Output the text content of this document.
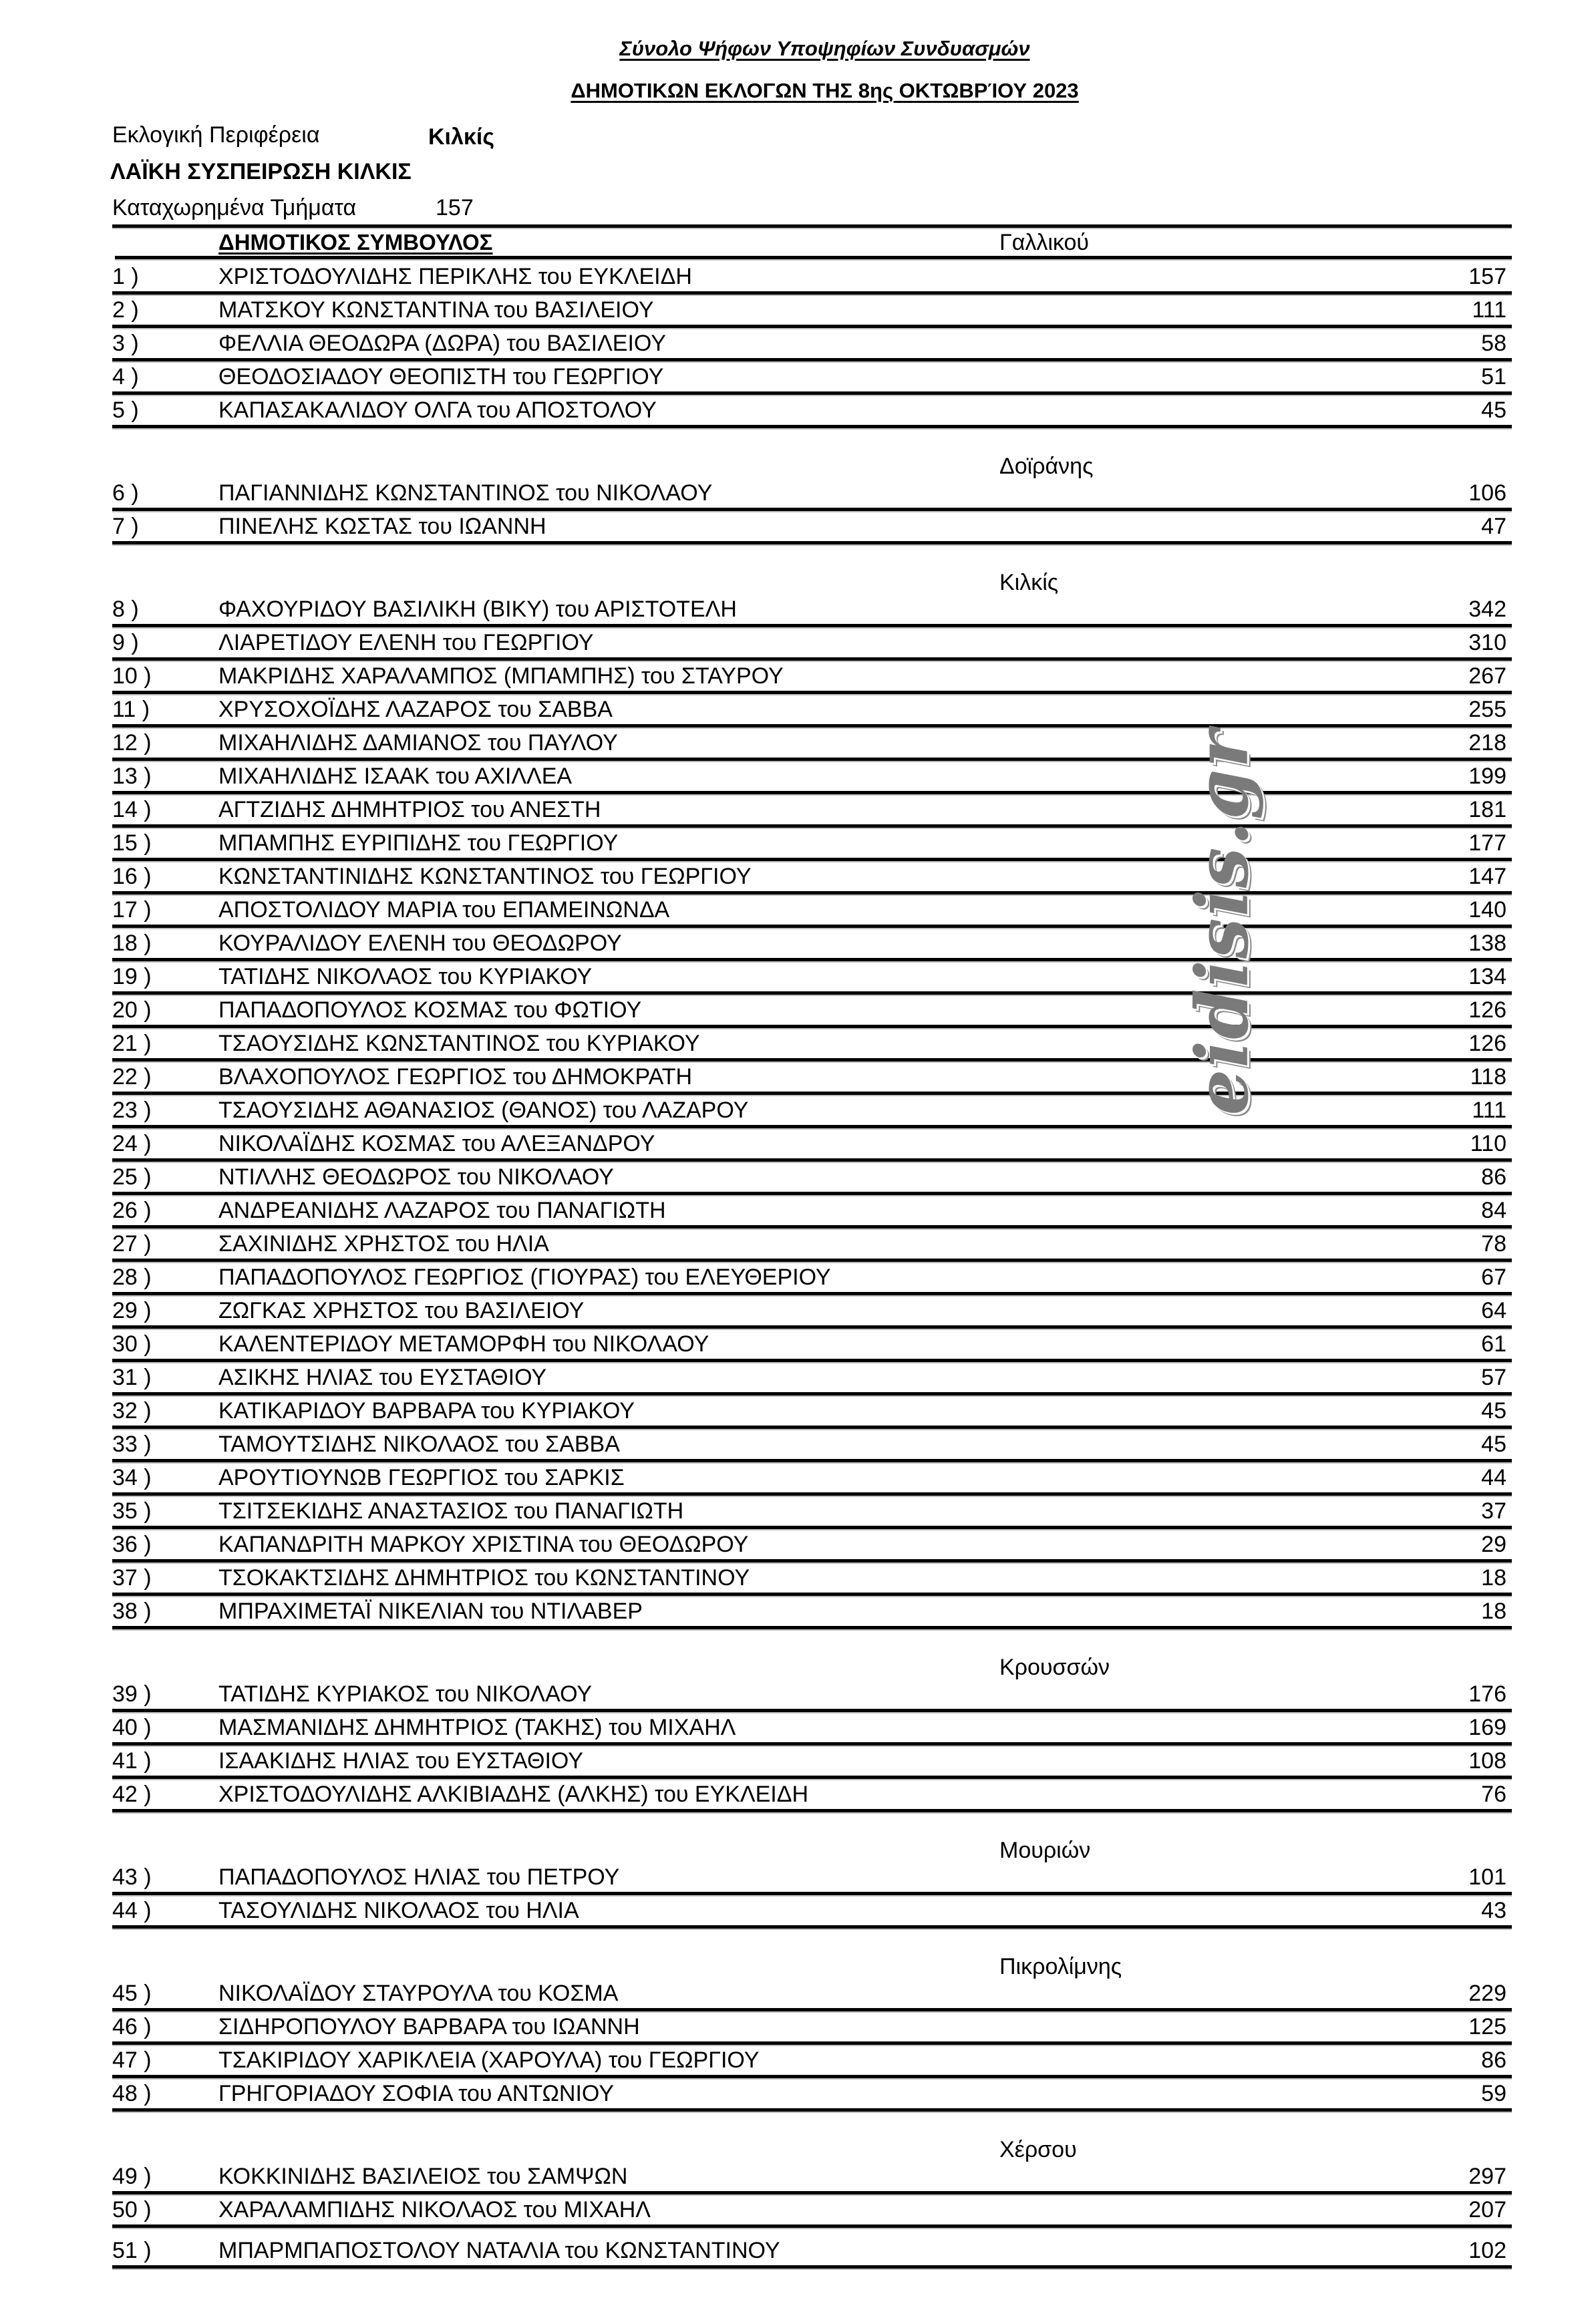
Σύνολο Ψήφων Υποψηφίων Συνδυασμών
ΔΗΜΟΤΙΚΩΝ ΕΚΛΟΓΩΝ ΤΗΣ 8ης ΟΚΤΩΒΡΊΟΥ 2023
Εκλογική Περιφέρεια	Κιλκίς
ΛΑΪΚΗ ΣΥΣΠΕΙΡΩΣΗ ΚΙΛΚΙΣ
Καταχωρημένα Τμήματα	157
ΔΗΜΟΤΙΚΟΣ ΣΥΜΒΟΥΛΟΣ	Γαλλικού
1 )	ΧΡΙΣΤΟΔΟΥΛΙΔΗΣ ΠΕΡΙΚΛΗΣ του ΕΥΚΛΕΙΔΗ	157
2 )	ΜΑΤΣΚΟΥ ΚΩΝΣΤΑΝΤΙΝΑ του ΒΑΣΙΛΕΙΟΥ	111
3 )	ΦΕΛΛΙΑ ΘΕΟΔΩΡΑ (ΔΩΡΑ) του ΒΑΣΙΛΕΙΟΥ	58
4 )	ΘΕΟΔΟΣΙΑΔΟΥ ΘΕΟΠΙΣΤΗ του ΓΕΩΡΓΙΟΥ	51
5 )	ΚΑΠΑΣΑΚΑΛΙΔΟΥ ΟΛΓΑ του ΑΠΟΣΤΟΛΟΥ	45
Δοϊράνης
6 )	ΠΑΓΙΑΝΝΙΔΗΣ ΚΩΝΣΤΑΝΤΙΝΟΣ του ΝΙΚΟΛΑΟΥ	106
7 )	ΠΙΝΕΛΗΣ ΚΩΣΤΑΣ του ΙΩΑΝΝΗ	47
Κιλκίς
8 )	ΦΑΧΟΥΡΙΔΟΥ ΒΑΣΙΛΙΚΗ (ΒΙΚΥ) του ΑΡΙΣΤΟΤΕΛΗ	342
9 )	ΛΙΑΡΕΤΙΔΟΥ ΕΛΕΝΗ του ΓΕΩΡΓΙΟΥ	310
10 )	ΜΑΚΡΙΔΗΣ ΧΑΡΑΛΑΜΠΟΣ (ΜΠΑΜΠΗΣ) του ΣΤΑΥΡΟΥ	267
11 )	ΧΡΥΣΟΧΟΪΔΗΣ ΛΑΖΑΡΟΣ του ΣΑΒΒΑ	255
12 )	ΜΙΧΑΗΛΙΔΗΣ ΔΑΜΙΑΝΟΣ του ΠΑΥΛΟΥ	218
13 )	ΜΙΧΑΗΛΙΔΗΣ ΙΣΑΑΚ του ΑΧΙΛΛΕΑ	199
14 )	ΑΓΤΖΙΔΗΣ ΔΗΜΗΤΡΙΟΣ του ΑΝΕΣΤΗ	181
15 )	ΜΠΑΜΠΗΣ ΕΥΡΙΠΙΔΗΣ του ΓΕΩΡΓΙΟΥ	177
16 )	ΚΩΝΣΤΑΝΤΙΝΙΔΗΣ ΚΩΝΣΤΑΝΤΙΝΟΣ του ΓΕΩΡΓΙΟΥ	147
17 )	ΑΠΟΣΤΟΛΙΔΟΥ ΜΑΡΙΑ του ΕΠΑΜΕΙΝΩΝΔΑ	140
18 )	ΚΟΥΡΑΛΙΔΟΥ ΕΛΕΝΗ του ΘΕΟΔΩΡΟΥ	138
19 )	ΤΑΤΙΔΗΣ ΝΙΚΟΛΑΟΣ του ΚΥΡΙΑΚΟΥ	134
20 )	ΠΑΠΑΔΟΠΟΥΛΟΣ ΚΟΣΜΑΣ του ΦΩΤΙΟΥ	126
21 )	ΤΣΑΟΥΣΙΔΗΣ ΚΩΝΣΤΑΝΤΙΝΟΣ του ΚΥΡΙΑΚΟΥ	126
22 )	ΒΛΑΧΟΠΟΥΛΟΣ ΓΕΩΡΓΙΟΣ του ΔΗΜΟΚΡΑΤΗ	118
23 )	ΤΣΑΟΥΣΙΔΗΣ ΑΘΑΝΑΣΙΟΣ (ΘΑΝΟΣ) του ΛΑΖΑΡΟΥ	111
24 )	ΝΙΚΟΛΑΪΔΗΣ ΚΟΣΜΑΣ του ΑΛΕΞΑΝΔΡΟΥ	110
25 )	ΝΤΙΛΛΗΣ ΘΕΟΔΩΡΟΣ του ΝΙΚΟΛΑΟΥ	86
26 )	ΑΝΔΡΕΑΝΙΔΗΣ ΛΑΖΑΡΟΣ του ΠΑΝΑΓΙΩΤΗ	84
27 )	ΣΑΧΙΝΙΔΗΣ ΧΡΗΣΤΟΣ του ΗΛΙΑ	78
28 )	ΠΑΠΑΔΟΠΟΥΛΟΣ ΓΕΩΡΓΙΟΣ (ΓΙΟΥΡΑΣ) του ΕΛΕΥΘΕΡΙΟΥ	67
29 )	ΖΩΓΚΑΣ ΧΡΗΣΤΟΣ του ΒΑΣΙΛΕΙΟΥ	64
30 )	ΚΑΛΕΝΤΕΡΙΔΟΥ ΜΕΤΑΜΟΡΦΗ του ΝΙΚΟΛΑΟΥ	61
31 )	ΑΣΙΚΗΣ ΗΛΙΑΣ του ΕΥΣΤΑΘΙΟΥ	57
32 )	ΚΑΤΙΚΑΡΙΔΟΥ ΒΑΡΒΑΡΑ του ΚΥΡΙΑΚΟΥ	45
33 )	ΤΑΜΟΥΤΣΙΔΗΣ ΝΙΚΟΛΑΟΣ του ΣΑΒΒΑ	45
34 )	ΑΡΟΥΤΙΟΥΝΩΒ ΓΕΩΡΓΙΟΣ του ΣΑΡΚΙΣ	44
35 )	ΤΣΙΤΣΕΚΙΔΗΣ ΑΝΑΣΤΑΣΙΟΣ του ΠΑΝΑΓΙΩΤΗ	37
36 )	ΚΑΠΑΝΔΡΙΤΗ ΜΑΡΚΟΥ ΧΡΙΣΤΙΝΑ του ΘΕΟΔΩΡΟΥ	29
37 )	ΤΣΟΚΑΚΤΣΙΔΗΣ ΔΗΜΗΤΡΙΟΣ του ΚΩΝΣΤΑΝΤΙΝΟΥ	18
38 )	ΜΠΡΑΧΙΜΕΤΑΪ ΝΙΚΕΛΙΑΝ του ΝΤΙΛΑΒΕΡ	18
Κρουσσών
39 )	ΤΑΤΙΔΗΣ ΚΥΡΙΑΚΟΣ του ΝΙΚΟΛΑΟΥ	176
40 )	ΜΑΣΜΑΝΙΔΗΣ ΔΗΜΗΤΡΙΟΣ (ΤΑΚΗΣ) του ΜΙΧΑΗΛ	169
41 )	ΙΣΑΑΚΙΔΗΣ ΗΛΙΑΣ του ΕΥΣΤΑΘΙΟΥ	108
42 )	ΧΡΙΣΤΟΔΟΥΛΙΔΗΣ ΑΛΚΙΒΙΑΔΗΣ (ΑΛΚΗΣ) του ΕΥΚΛΕΙΔΗ	76
Μουριών
43 )	ΠΑΠΑΔΟΠΟΥΛΟΣ ΗΛΙΑΣ του ΠΕΤΡΟΥ	101
44 )	ΤΑΣΟΥΛΙΔΗΣ ΝΙΚΟΛΑΟΣ του ΗΛΙΑ	43
Πικρολίμνης
45 )	ΝΙΚΟΛΑΪΔΟΥ ΣΤΑΥΡΟΥΛΑ του ΚΟΣΜΑ	229
46 )	ΣΙΔΗΡΟΠΟΥΛΟΥ ΒΑΡΒΑΡΑ του ΙΩΑΝΝΗ	125
47 )	ΤΣΑΚΙΡΙΔΟΥ ΧΑΡΙΚΛΕΙΑ (ΧΑΡΟΥΛΑ) του ΓΕΩΡΓΙΟΥ	86
48 )	ΓΡΗΓΟΡΙΑΔΟΥ ΣΟΦΙΑ του ΑΝΤΩΝΙΟΥ	59
Χέρσου
49 )	ΚΟΚΚΙΝΙΔΗΣ ΒΑΣΙΛΕΙΟΣ του ΣΑΜΨΩΝ	297
50 )	ΧΑΡΑΛΑΜΠΙΔΗΣ ΝΙΚΟΛΑΟΣ του ΜΙΧΑΗΛ	207
51 )	ΜΠΑΡΜΠΑΠΟΣΤΟΛΟΥ ΝΑΤΑΛΙΑ του ΚΩΝΣΤΑΝΤΙΝΟΥ	102
eidisis.gr
